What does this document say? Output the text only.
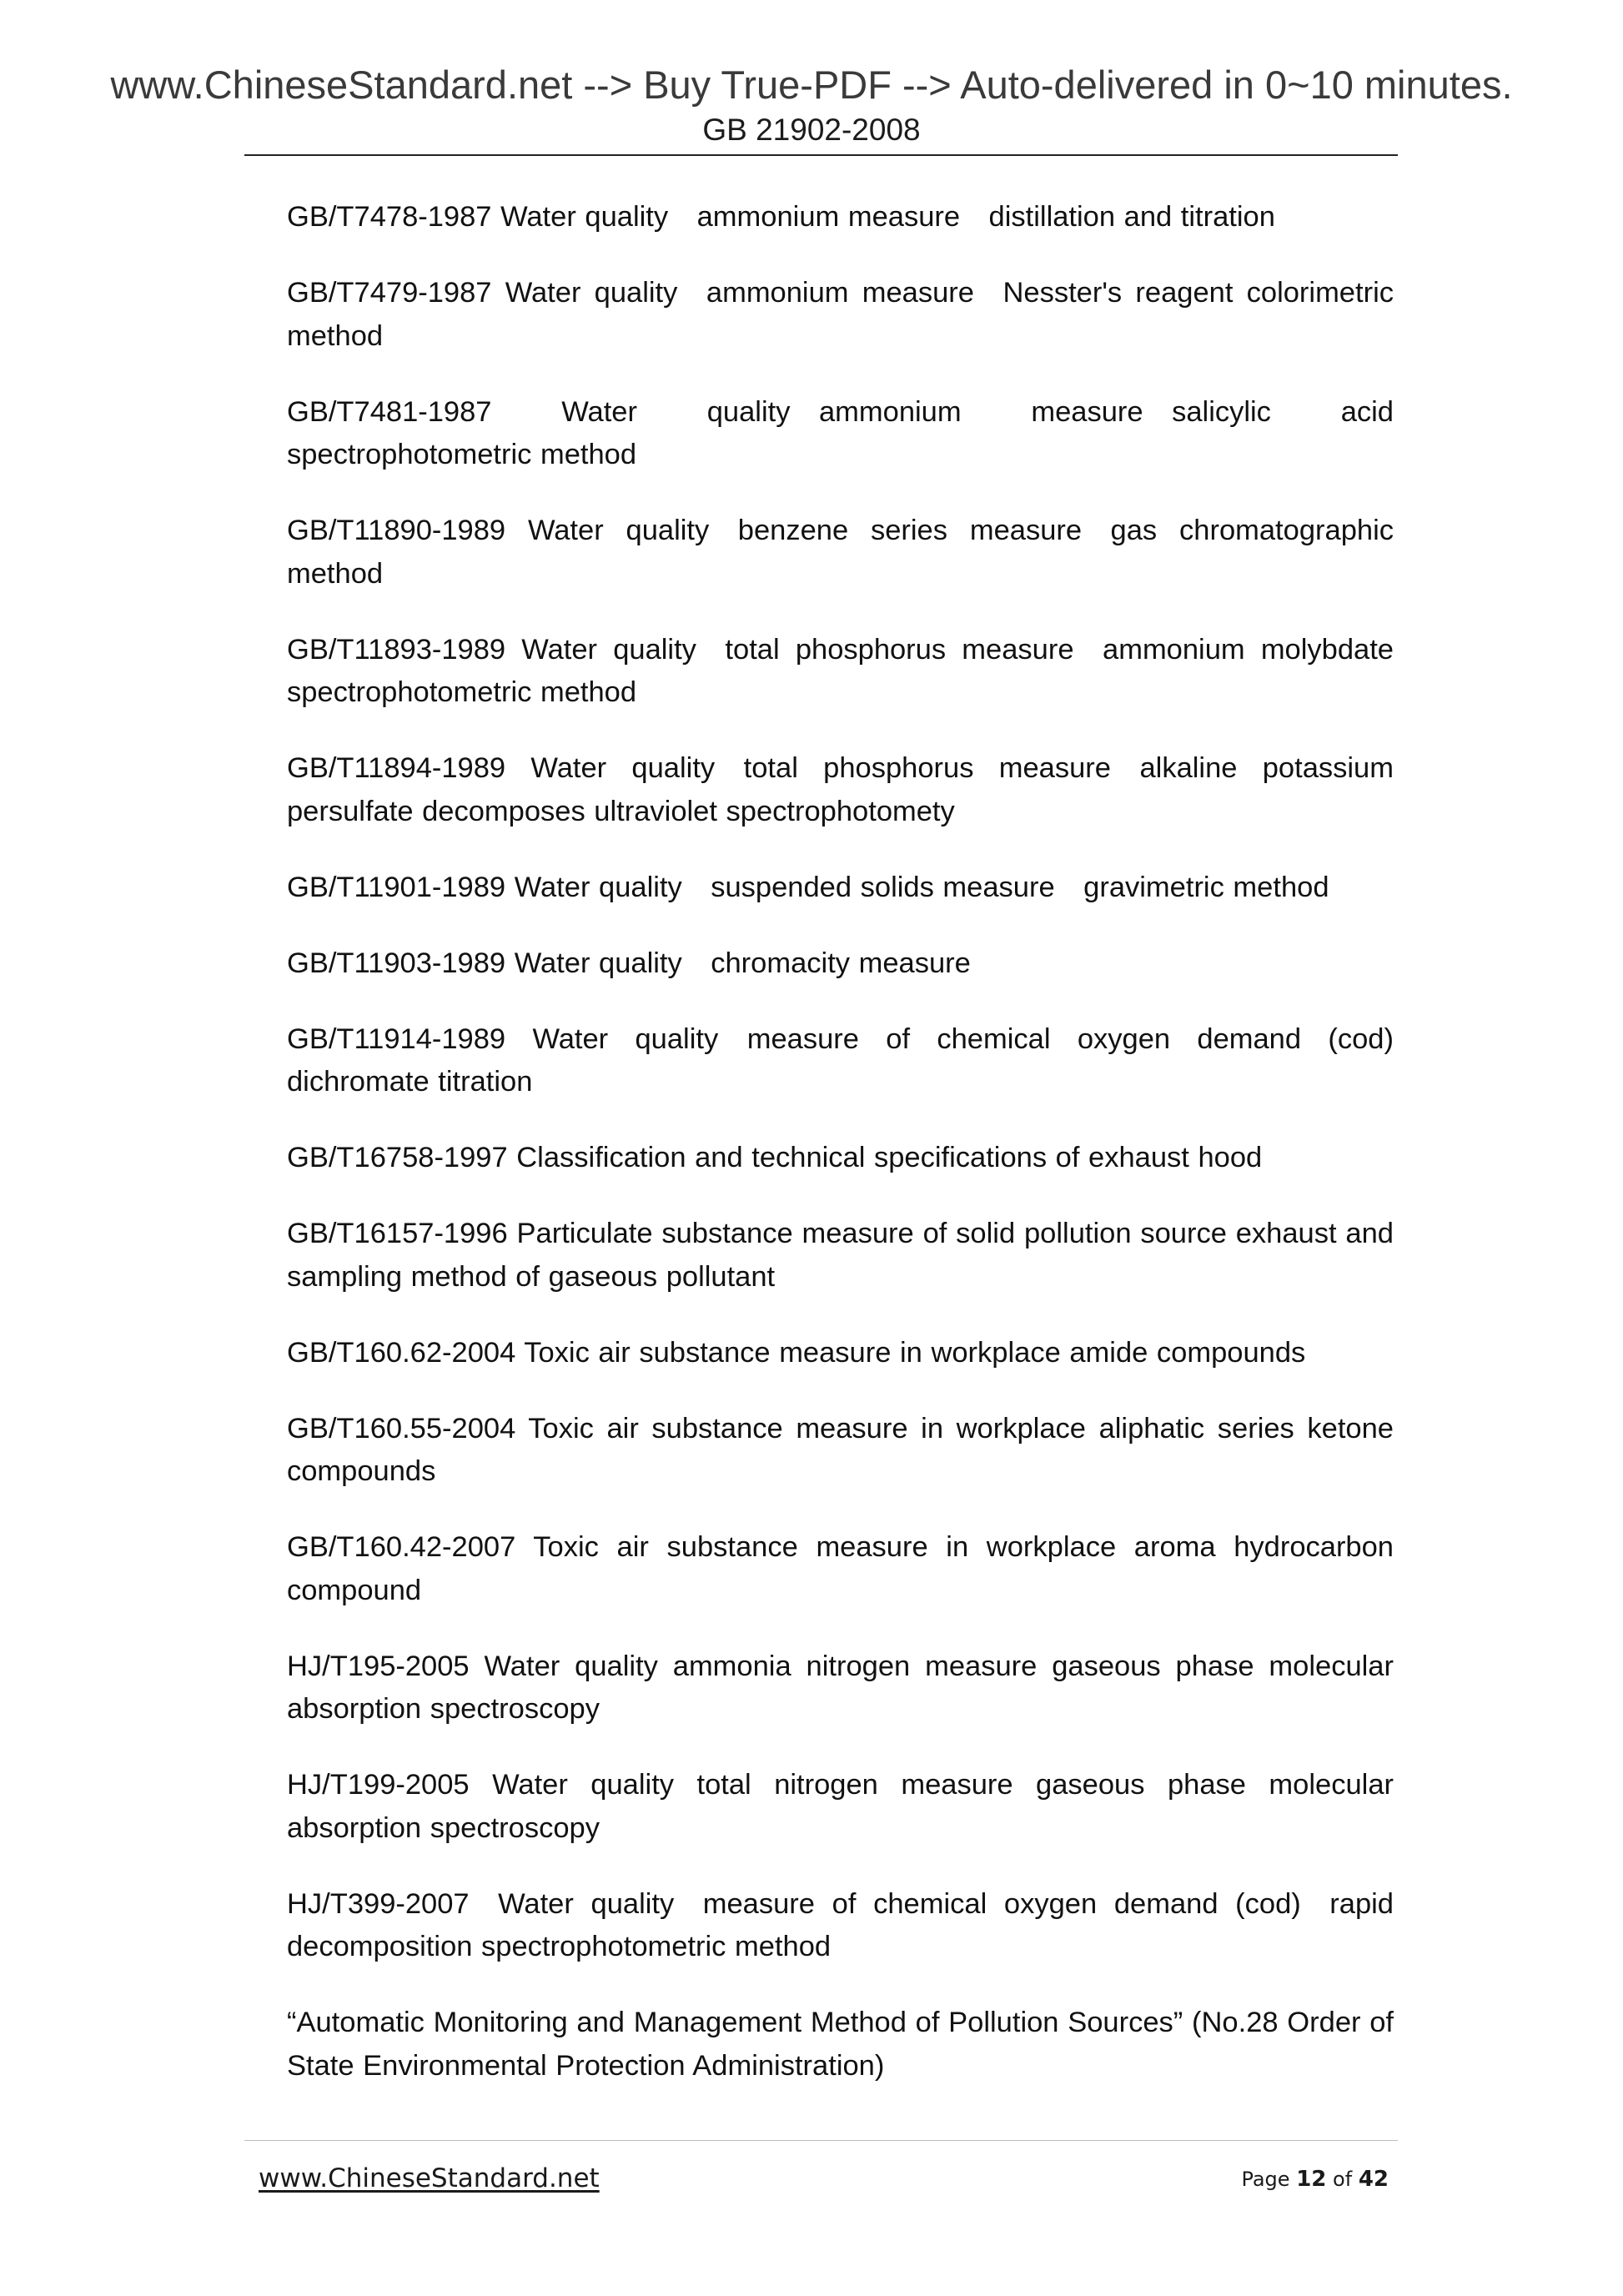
www.ChineseStandard.net --> Buy True-PDF --> Auto-delivered in 0~10 minutes.
GB 21902-2008
GB/T7478-1987 Water quality ammonium measure distillation and titration
GB/T7479-1987 Water quality ammonium measure Nesster's reagent colorimetric method
GB/T7481-1987 Water quality ammonium measure salicylic acid spectrophotometric method
GB/T11890-1989 Water quality benzene series measure gas chromatographic method
GB/T11893-1989 Water quality total phosphorus measure ammonium molybdate spectrophotometric method
GB/T11894-1989 Water quality total phosphorus measure alkaline potassium persulfate decomposes ultraviolet spectrophotomety
GB/T11901-1989 Water quality suspended solids measure gravimetric method
GB/T11903-1989 Water quality chromacity measure
GB/T11914-1989 Water quality measure of chemical oxygen demand (cod) dichromate titration
GB/T16758-1997 Classification and technical specifications of exhaust hood
GB/T16157-1996 Particulate substance measure of solid pollution source exhaust and sampling method of gaseous pollutant
GB/T160.62-2004 Toxic air substance measure in workplace amide compounds
GB/T160.55-2004 Toxic air substance measure in workplace aliphatic series ketone compounds
GB/T160.42-2007 Toxic air substance measure in workplace aroma hydrocarbon compound
HJ/T195-2005 Water quality ammonia nitrogen measure gaseous phase molecular absorption spectroscopy
HJ/T199-2005 Water quality total nitrogen measure gaseous phase molecular absorption spectroscopy
HJ/T399-2007 Water quality measure of chemical oxygen demand (cod) rapid decomposition spectrophotometric method
“Automatic Monitoring and Management Method of Pollution Sources” (No.28 Order of State Environmental Protection Administration)
www.ChineseStandard.net	Page 12 of 42
